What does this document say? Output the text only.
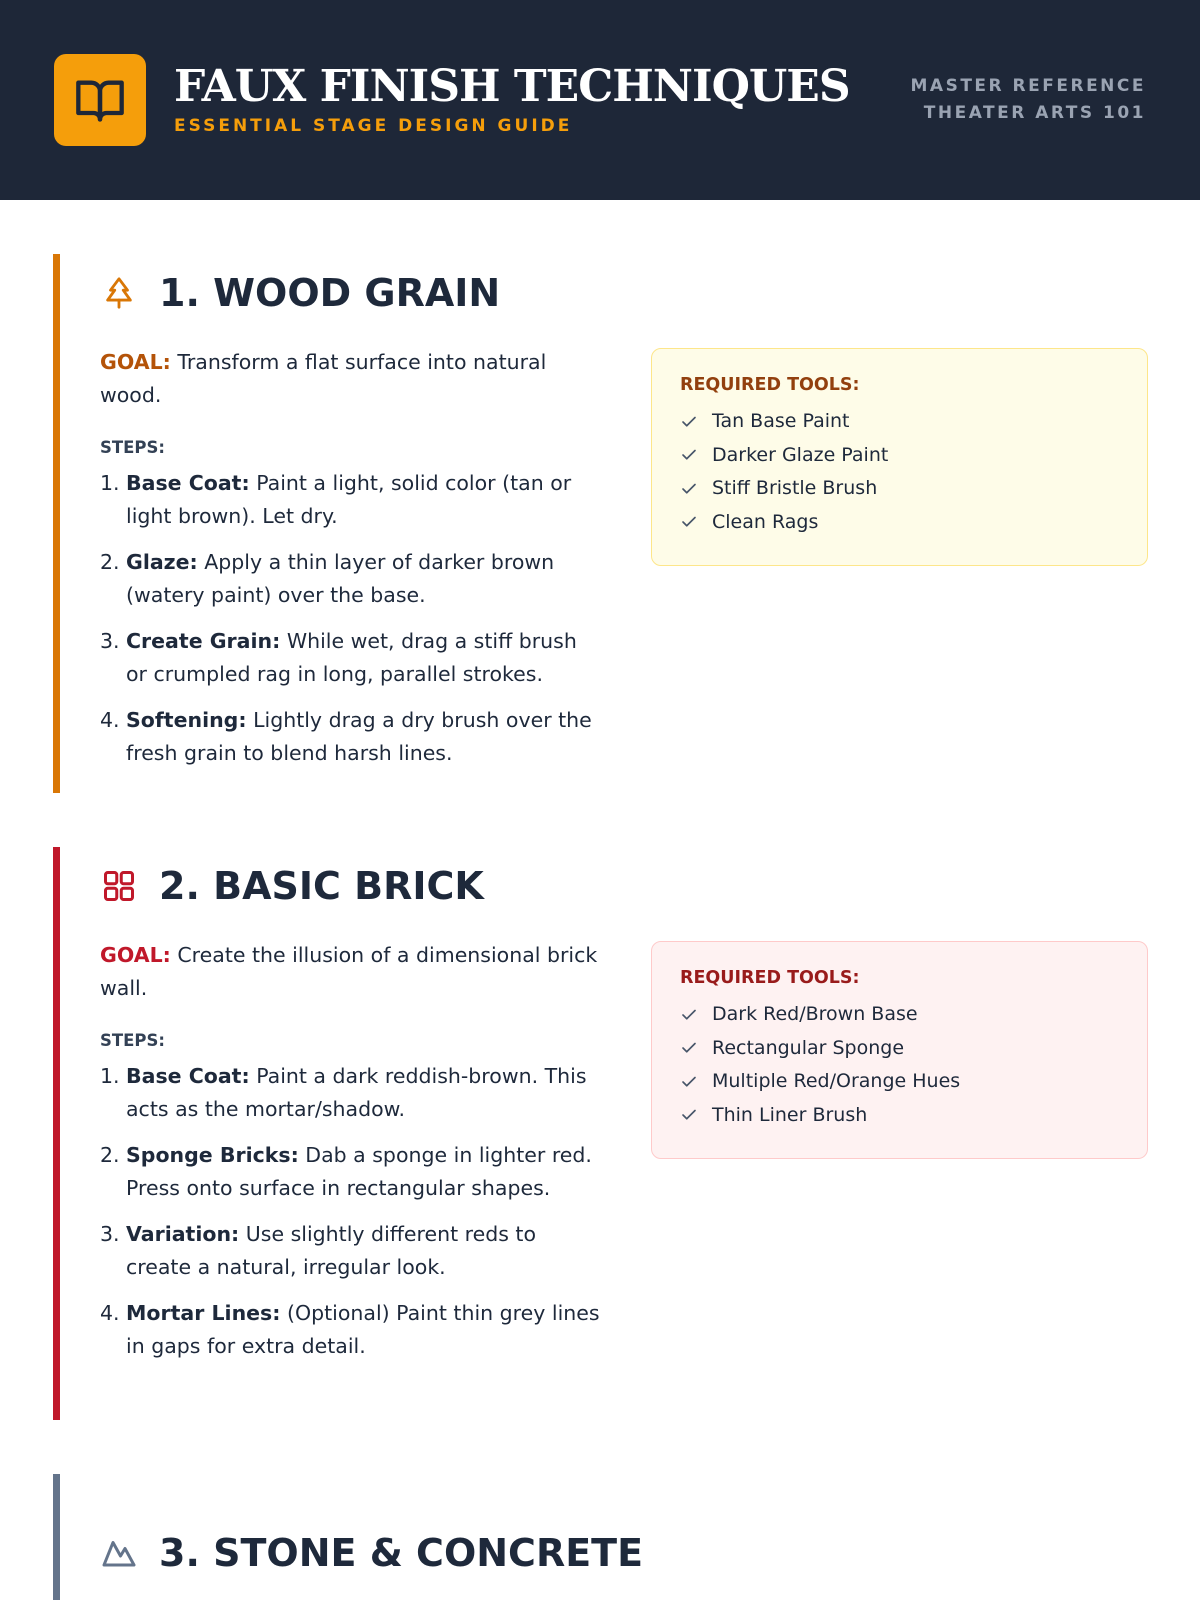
FAUX FINISH TECHNIQUES
ESSENTIAL STAGE DESIGN GUIDE
MASTER REFERENCE
THEATER ARTS 101
1. WOOD GRAIN

GOAL: Transform a flat surface into natural wood.

STEPS:
1. Base Coat: Paint a light, solid color (tan or light brown). Let dry.
2. Glaze: Apply a thin layer of darker brown (watery paint) over the base.
3. Create Grain: While wet, drag a stiff brush or crumpled rag in long, parallel strokes.
4. Softening: Lightly drag a dry brush over the fresh grain to blend harsh lines.
REQUIRED TOOLS:
Tan Base Paint
Darker Glaze Paint
Stiff Bristle Brush
Clean Rags
2. BASIC BRICK

GOAL: Create the illusion of a dimensional brick wall.

STEPS:
1. Base Coat: Paint a dark reddish-brown. This acts as the mortar/shadow.
2. Sponge Bricks: Dab a sponge in lighter red. Press onto surface in rectangular shapes.
3. Variation: Use slightly different reds to create a natural, irregular look.
4. Mortar Lines: (Optional) Paint thin grey lines in gaps for extra detail.
REQUIRED TOOLS:
Dark Red/Brown Base
Rectangular Sponge
Multiple Red/Orange Hues
Thin Liner Brush
3. STONE & CONCRETE
